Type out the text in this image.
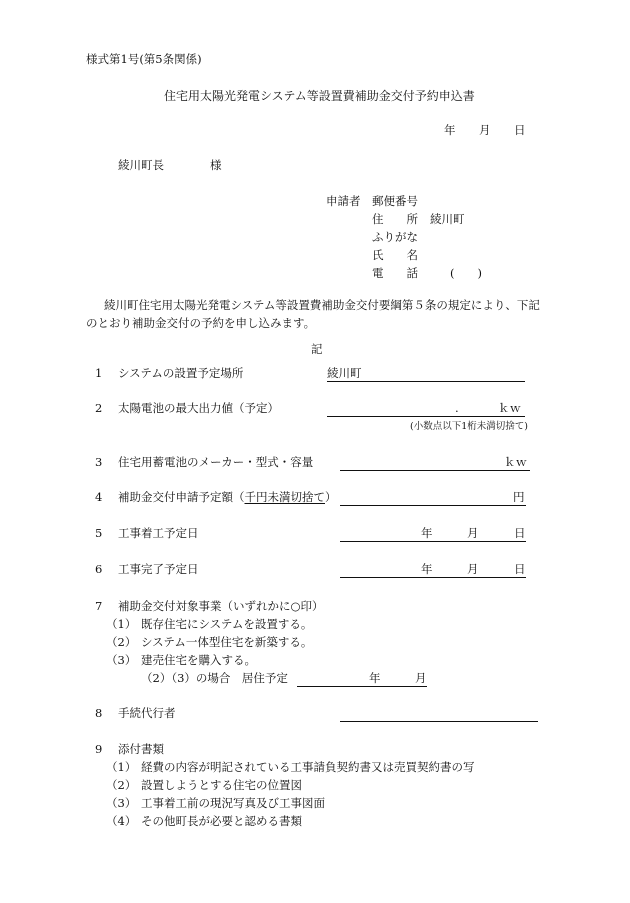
様式第1号(第5条関係)
住宅用太陽光発電システム等設置費補助金交付予約申込書
年 月 日
綾川町長	様
申請者 郵便番号
住　　所 綾川町
ふりがな
氏　　名
電　　話	(　　)
綾川町住宅用太陽光発電システム等設置費補助金交付要綱第５条の規定により、下記
のとおり補助金交付の予約を申し込みます。
記
1 システムの設置予定場所	綾川町
2 太陽電池の最大出力値（予定）	.	ｋｗ
(小数点以下1桁未満切捨て)
3 住宅用蓄電池のメーカー・型式・容量	ｋｗ
4 補助金交付申請予定額（千円未満切捨て）	円
5 工事着工予定日	年	月	日
6 工事完了予定日	年	月	日
7 補助金交付対象事業（いずれかに○印）
（1） 既存住宅にシステムを設置する。
（2） システム一体型住宅を新築する。
（3） 建売住宅を購入する。
（2）（3）の場合　居住予定	年	月
8 手続代行者
9 添付書類
（1） 経費の内容が明記されている工事請負契約書又は売買契約書の写
（2） 設置しようとする住宅の位置図
（3） 工事着工前の現況写真及び工事図面
（4） その他町長が必要と認める書類
